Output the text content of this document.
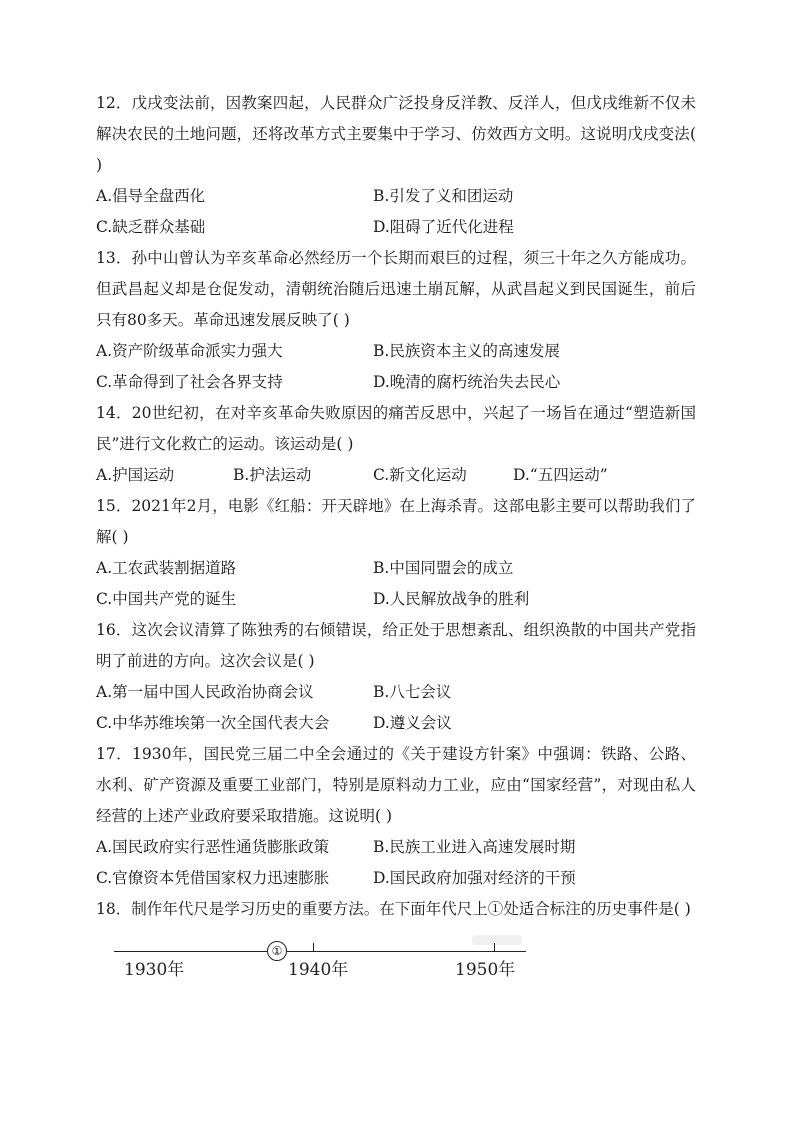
12．戊戌变法前，因教案四起，人民群众广泛投身反洋教、反洋人，但戊戌维新不仅未解决农民的土地问题，还将改革方式主要集中于学习、仿效西方文明。这说明戊戌变法( )

A.倡导全盘西化	B.引发了义和团运动
C.缺乏群众基础	D.阻碍了近代化进程

13．孙中山曾认为辛亥革命必然经历一个长期而艰巨的过程，须三十年之久方能成功。但武昌起义却是仓促发动，清朝统治随后迅速土崩瓦解，从武昌起义到民国诞生，前后只有80多天。革命迅速发展反映了( )

A.资产阶级革命派实力强大	B.民族资本主义的高速发展
C.革命得到了社会各界支持	D.晚清的腐朽统治失去民心

14．20世纪初，在对辛亥革命失败原因的痛苦反思中，兴起了一场旨在通过“塑造新国民”进行文化救亡的运动。该运动是( )

A.护国运动	B.护法运动	C.新文化运动	D.“五四运动”

15．2021年2月，电影《红船：开天辟地》在上海杀青。这部电影主要可以帮助我们了解( )

A.工农武装割据道路	B.中国同盟会的成立
C.中国共产党的诞生	D.人民解放战争的胜利

16．这次会议清算了陈独秀的右倾错误，给正处于思想紊乱、组织涣散的中国共产党指明了前进的方向。这次会议是( )

A.第一届中国人民政治协商会议	B.八七会议
C.中华苏维埃第一次全国代表大会	D.遵义会议

17．1930年，国民党三届二中全会通过的《关于建设方针案》中强调：铁路、公路、水利、矿产资源及重要工业部门，特别是原料动力工业，应由“国家经营”，对现由私人经营的上述产业政府要采取措施。这说明( )

A.国民政府实行恶性通货膨胀政策	B.民族工业进入高速发展时期
C.官僚资本凭借国家权力迅速膨胀	D.国民政府加强对经济的干预

18．制作年代尺是学习历史的重要方法。在下面年代尺上①处适合标注的历史事件是( )

①
1930年	1940年	1950年
